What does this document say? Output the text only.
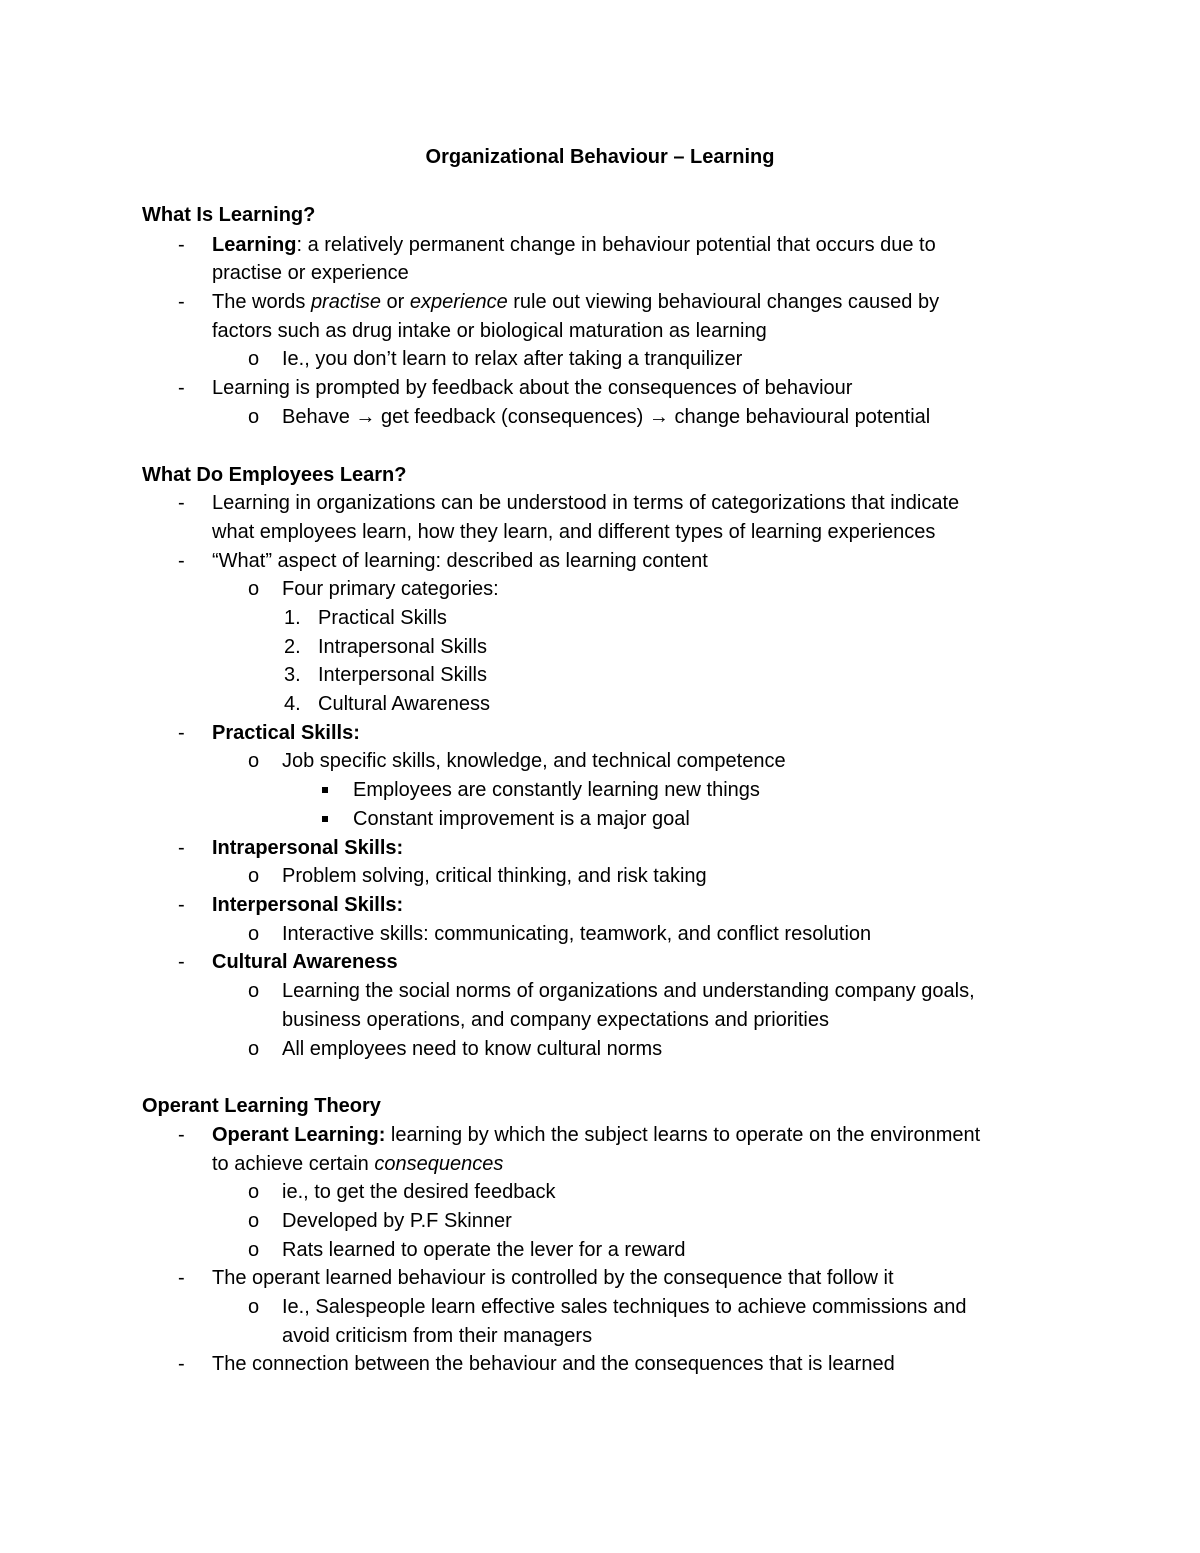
Organizational Behaviour – Learning
What Is Learning?
- Learning: a relatively permanent change in behaviour potential that occurs due to
practise or experience
- The words practise or experience rule out viewing behavioural changes caused by
factors such as drug intake or biological maturation as learning
o Ie., you don’t learn to relax after taking a tranquilizer
- Learning is prompted by feedback about the consequences of behaviour
o Behave → get feedback (consequences) → change behavioural potential
What Do Employees Learn?
- Learning in organizations can be understood in terms of categorizations that indicate
what employees learn, how they learn, and different types of learning experiences
- “What” aspect of learning: described as learning content
o Four primary categories:
1. Practical Skills
2. Intrapersonal Skills
3. Interpersonal Skills
4. Cultural Awareness
- Practical Skills:
o Job specific skills, knowledge, and technical competence
Employees are constantly learning new things
Constant improvement is a major goal
- Intrapersonal Skills:
o Problem solving, critical thinking, and risk taking
- Interpersonal Skills:
o Interactive skills: communicating, teamwork, and conflict resolution
- Cultural Awareness
o Learning the social norms of organizations and understanding company goals,
business operations, and company expectations and priorities
o All employees need to know cultural norms
Operant Learning Theory
- Operant Learning: learning by which the subject learns to operate on the environment
to achieve certain consequences
o ie., to get the desired feedback
o Developed by P.F Skinner
o Rats learned to operate the lever for a reward
- The operant learned behaviour is controlled by the consequence that follow it
o Ie., Salespeople learn effective sales techniques to achieve commissions and
avoid criticism from their managers
- The connection between the behaviour and the consequences that is learned
